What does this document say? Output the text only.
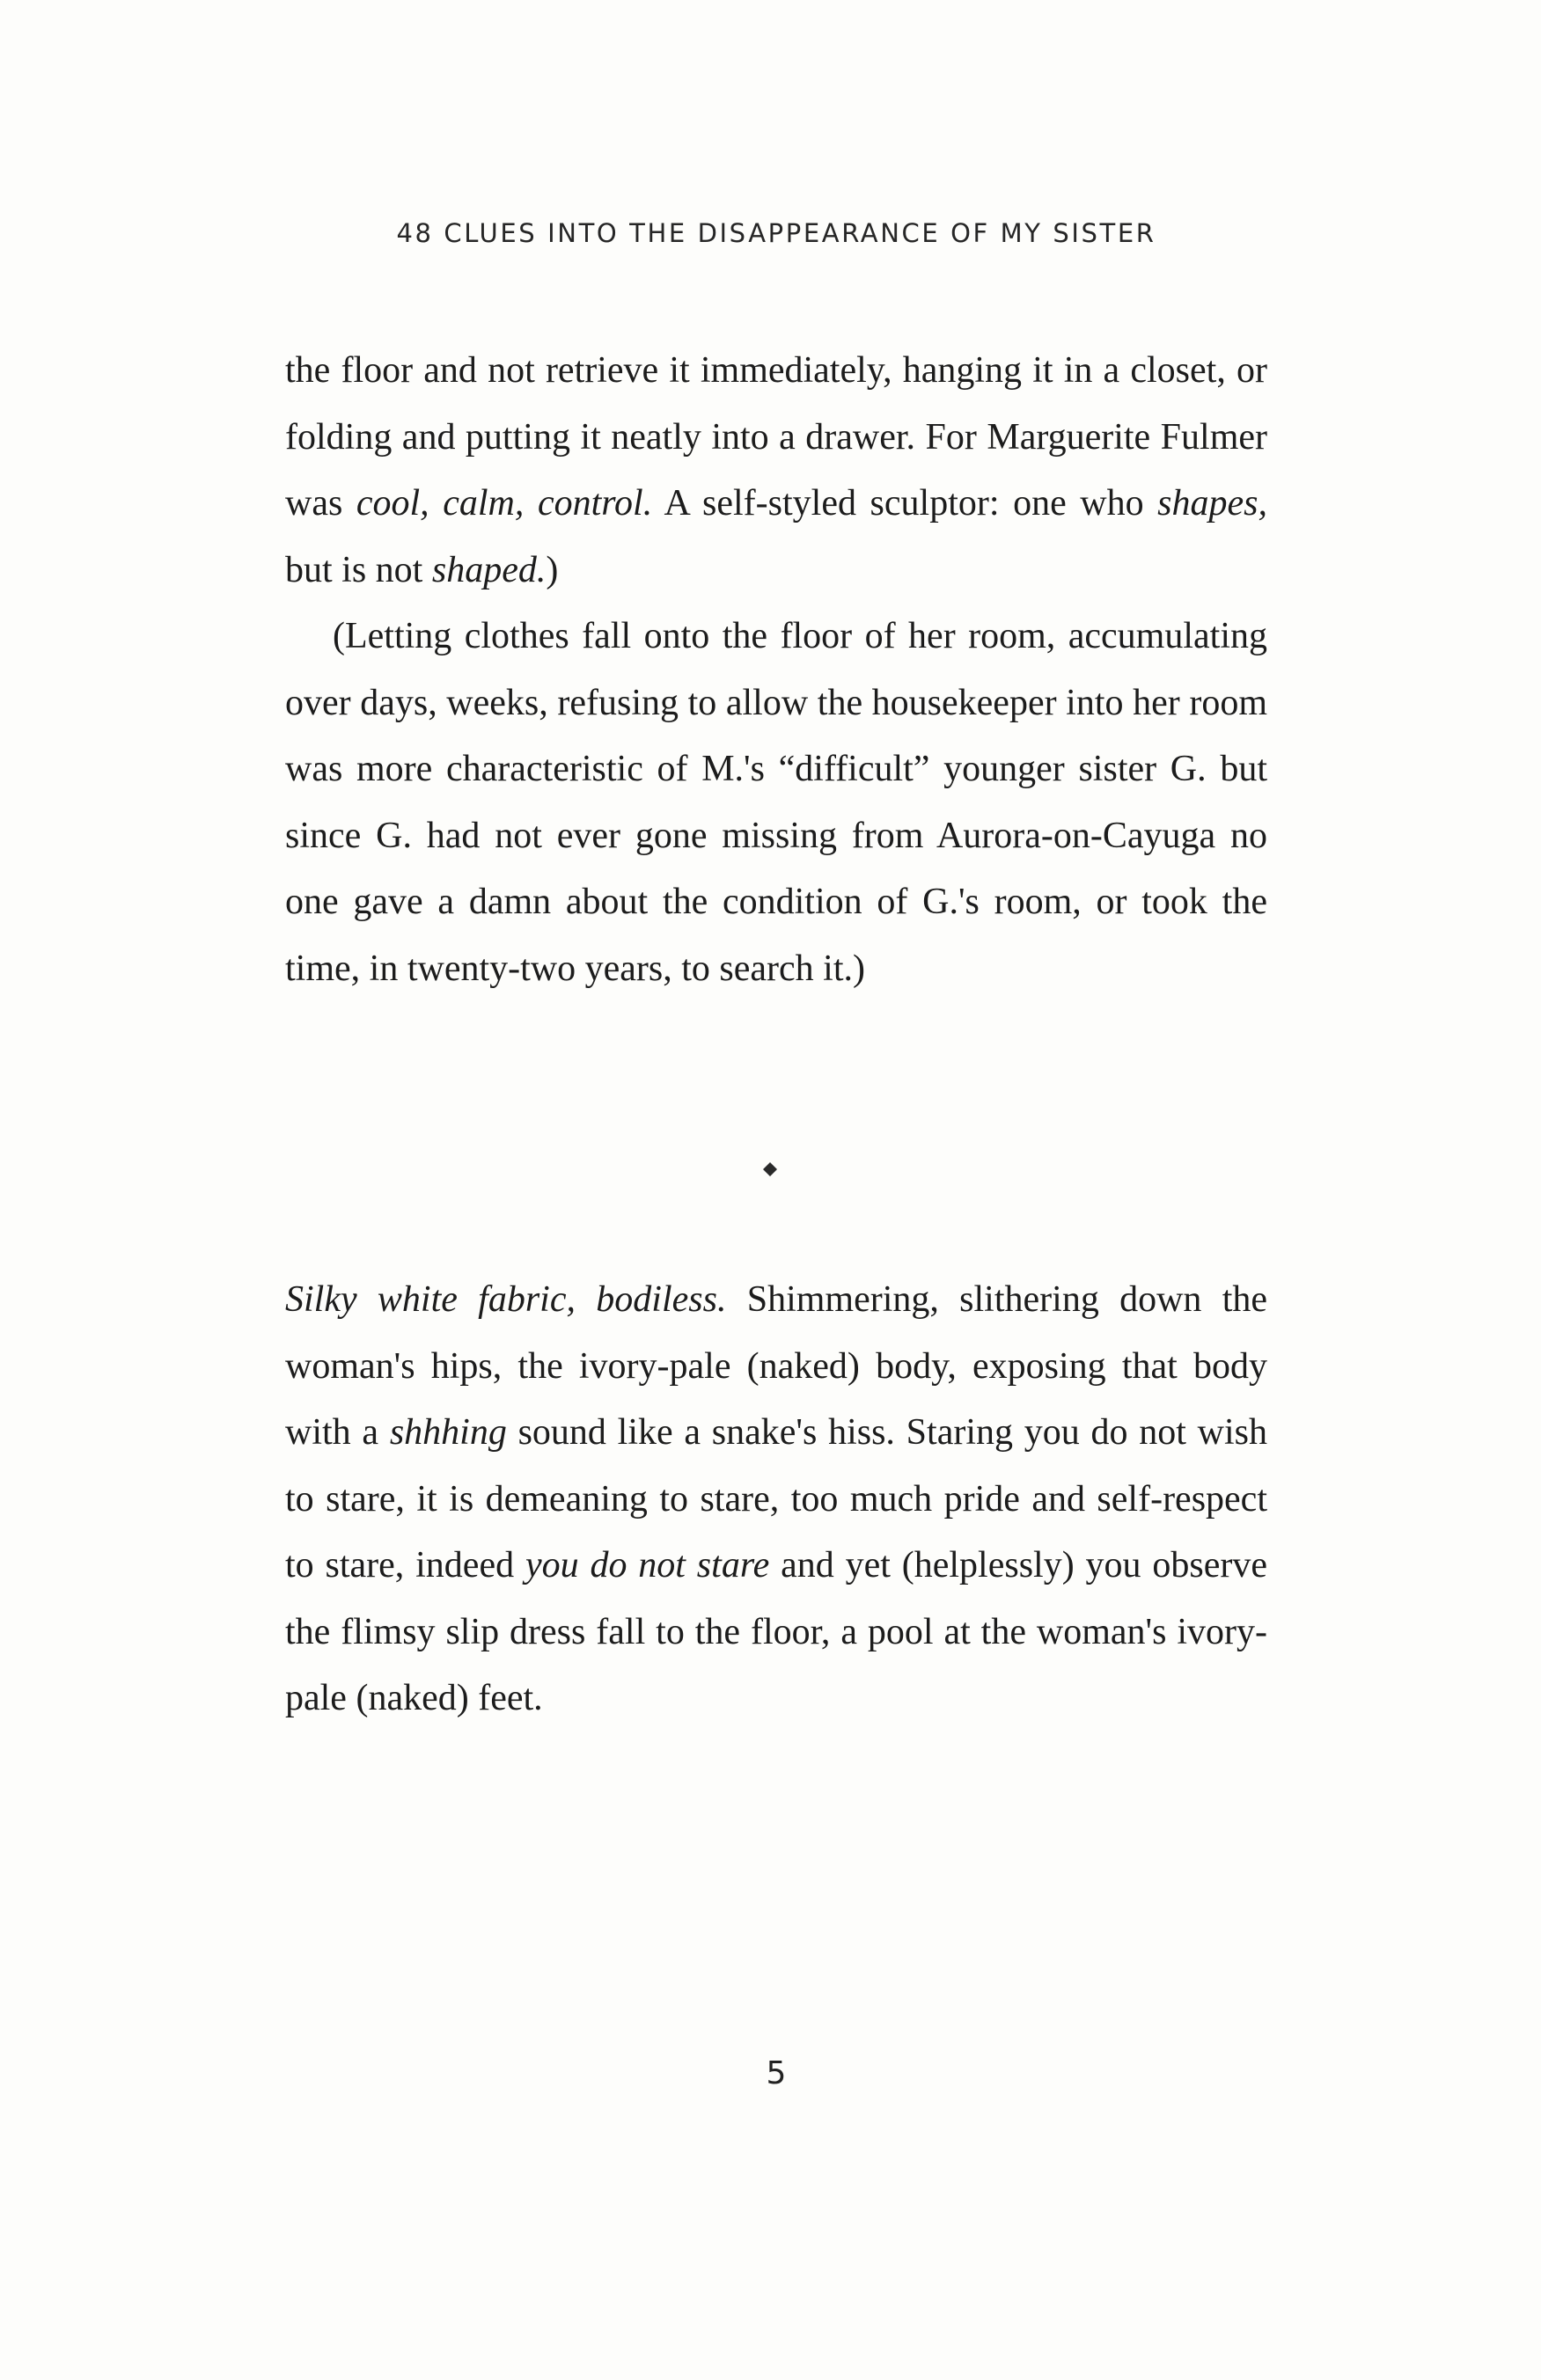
48 CLUES INTO THE DISAPPEARANCE OF MY SISTER

the floor and not retrieve it immediately, hanging it in a closet, or folding and putting it neatly into a drawer. For Marguerite Fulmer was cool, calm, control. A self-styled sculptor: one who shapes, but is not shaped.)

(Letting clothes fall onto the floor of her room, accumulating over days, weeks, refusing to allow the housekeeper into her room was more characteristic of M.'s “difficult” younger sister G. but since G. had not ever gone missing from Aurora-on-Cayuga no one gave a damn about the condition of G.'s room, or took the time, in twenty-two years, to search it.)

Silky white fabric, bodiless. Shimmering, slithering down the woman's hips, the ivory-pale (naked) body, exposing that body with a shhhing sound like a snake's hiss. Staring you do not wish to stare, it is demeaning to stare, too much pride and self-respect to stare, indeed you do not stare and yet (helplessly) you observe the flimsy slip dress fall to the floor, a pool at the woman's ivory-pale (naked) feet.

5
